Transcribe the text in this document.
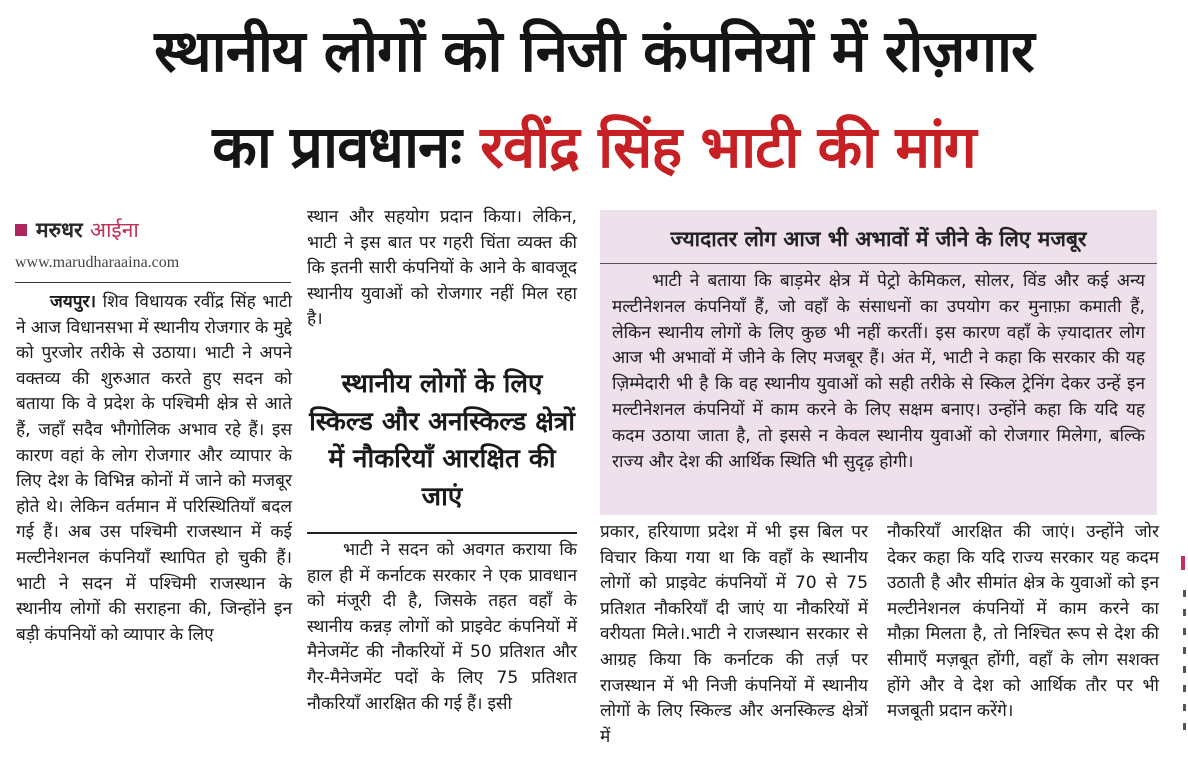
स्थानीय लोगों को निजी कंपनियों में रोज़गार
का प्रावधानः रवींद्र सिंह भाटी की मांग
मरुधर आईना
www.marudharaaina.com

जयपुर। शिव विधायक रवींद्र सिंह भाटी ने आज विधानसभा में स्थानीय रोजगार के मुद्दे को पुरजोर तरीके से उठाया। भाटी ने अपने वक्तव्य की शुरुआत करते हुए सदन को बताया कि वे प्रदेश के पश्चिमी क्षेत्र से आते हैं, जहाँ सदैव भौगोलिक अभाव रहे हैं। इस कारण वहां के लोग रोजगार और व्यापार के लिए देश के विभिन्न कोनों में जाने को मजबूर होते थे। लेकिन वर्तमान में परिस्थितियाँ बदल गई हैं। अब उस पश्चिमी राजस्थान में कई मल्टीनेशनल कंपनियाँ स्थापित हो चुकी हैं। भाटी ने सदन में पश्चिमी राजस्थान के स्थानीय लोगों की सराहना की, जिन्होंने इन बड़ी कंपनियों को व्यापार के लिए

स्थान और सहयोग प्रदान किया। लेकिन, भाटी ने इस बात पर गहरी चिंता व्यक्त की कि इतनी सारी कंपनियों के आने के बावजूद स्थानीय युवाओं को रोजगार नहीं मिल रहा है।

स्थानीय लोगों के लिए स्किल्ड और अनस्किल्ड क्षेत्रों में नौकरियाँ आरक्षित की जाएं

भाटी ने सदन को अवगत कराया कि हाल ही में कर्नाटक सरकार ने एक प्रावधान को मंजूरी दी है, जिसके तहत वहाँ के स्थानीय कन्नड़ लोगों को प्राइवेट कंपनियों में मैनेजमेंट की नौकरियों में 50 प्रतिशत और गैर-मैनेजमेंट पदों के लिए 75 प्रतिशत नौकरियाँ आरक्षित की गई हैं। इसी

ज्यादातर लोग आज भी अभावों में जीने के लिए मजबूर
भाटी ने बताया कि बाड़मेर क्षेत्र में पेट्रो केमिकल, सोलर, विंड और कई अन्य मल्टीनेशनल कंपनियाँ हैं, जो वहाँ के संसाधनों का उपयोग कर मुनाफ़ा कमाती हैं, लेकिन स्थानीय लोगों के लिए कुछ भी नहीं करतीं। इस कारण वहाँ के ज़्यादातर लोग आज भी अभावों में जीने के लिए मजबूर हैं। अंत में, भाटी ने कहा कि सरकार की यह ज़िम्मेदारी भी है कि वह स्थानीय युवाओं को सही तरीके से स्किल ट्रेनिंग देकर उन्हें इन मल्टीनेशनल कंपनियों में काम करने के लिए सक्षम बनाए। उन्होंने कहा कि यदि यह कदम उठाया जाता है, तो इससे न केवल स्थानीय युवाओं को रोजगार मिलेगा, बल्कि राज्य और देश की आर्थिक स्थिति भी सुदृढ़ होगी।

प्रकार, हरियाणा प्रदेश में भी इस बिल पर विचार किया गया था कि वहाँ के स्थानीय लोगों को प्राइवेट कंपनियों में 70 से 75 प्रतिशत नौकरियाँ दी जाएं या नौकरियों में वरीयता मिले।.भाटी ने राजस्थान सरकार से आग्रह किया कि कर्नाटक की तर्ज़ पर राजस्थान में भी निजी कंपनियों में स्थानीय लोगों के लिए स्किल्ड और अनस्किल्ड क्षेत्रों में

नौकरियाँ आरक्षित की जाएं। उन्होंने जोर देकर कहा कि यदि राज्य सरकार यह कदम उठाती है और सीमांत क्षेत्र के युवाओं को इन मल्टीनेशनल कंपनियों में काम करने का मौक़ा मिलता है, तो निश्चित रूप से देश की सीमाएँ मज़बूत होंगी, वहाँ के लोग सशक्त होंगे और वे देश को आर्थिक तौर पर भी मजबूती प्रदान करेंगे।
